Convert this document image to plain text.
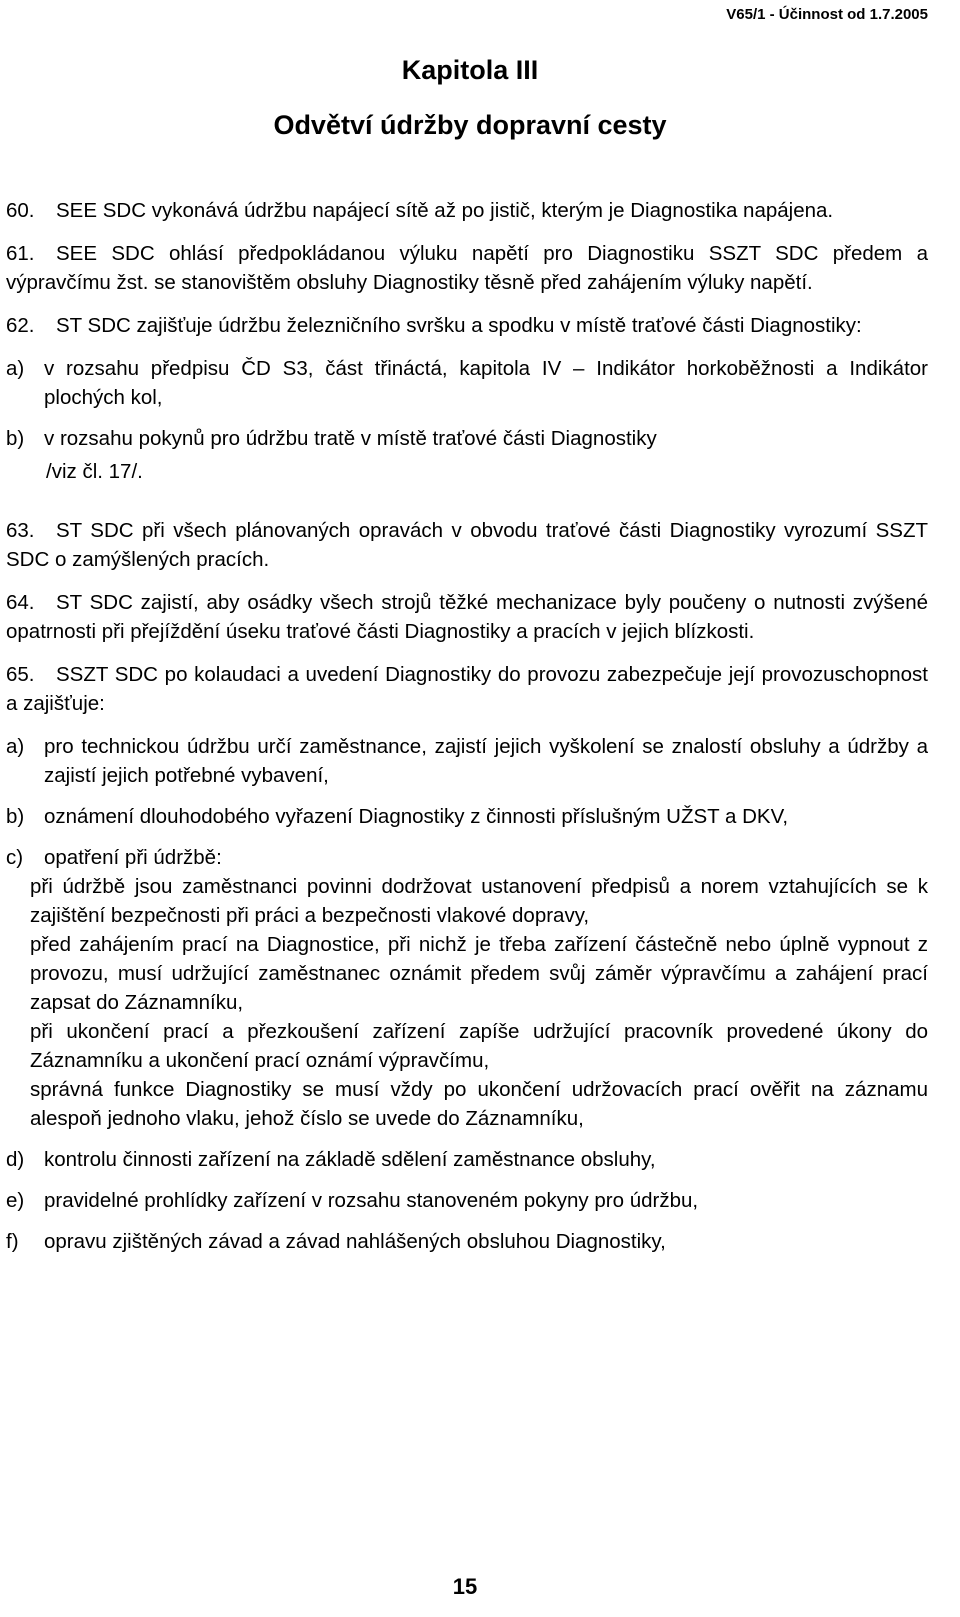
V65/1 - Účinnost od 1.7.2005
Kapitola III
Odvětví údržby dopravní cesty
60. SEE SDC vykonává údržbu napájecí sítě až po jistič, kterým je Diagnostika napájena.
61. SEE SDC ohlásí předpokládanou výluku napětí pro Diagnostiku SSZT SDC předem a výpravčímu žst. se stanovištěm obsluhy Diagnostiky těsně před zahájením výluky napětí.
62. ST SDC zajišťuje údržbu železničního svršku a spodku v místě traťové části Diagnostiky:
a) v rozsahu předpisu ČD S3, část třináctá, kapitola IV – Indikátor horkoběžnosti a Indikátor plochých kol,
b) v rozsahu pokynů pro údržbu tratě v místě traťové části Diagnostiky
/viz čl. 17/.
63. ST SDC při všech plánovaných opravách v obvodu traťové části Diagnostiky vyrozumí SSZT SDC o zamýšlených pracích.
64. ST SDC zajistí, aby osádky všech strojů těžké mechanizace byly poučeny o nutnosti zvýšené opatrnosti při přejíždění úseku traťové části Diagnostiky a pracích v jejich blízkosti.
65. SSZT SDC po kolaudaci a uvedení Diagnostiky do provozu zabezpečuje její provozuschopnost a zajišťuje:
a) pro technickou údržbu určí zaměstnance, zajistí jejich vyškolení se znalostí obsluhy a údržby a zajistí jejich potřebné vybavení,
b) oznámení dlouhodobého vyřazení Diagnostiky z činnosti příslušným UŽST a DKV,
c)	opatření při údržbě:

při údržbě jsou zaměstnanci povinni dodržovat ustanovení předpisů a norem vztahujících se k zajištění bezpečnosti při práci a bezpečnosti vlakové dopravy,

před zahájením prací na Diagnostice, při nichž je třeba zařízení částečně nebo úplně vypnout z provozu, musí udržující zaměstnanec oznámit předem svůj záměr výpravčímu a zahájení prací zapsat do Záznamníku,

při ukončení prací a přezkoušení zařízení zapíše udržující pracovník provedené úkony do Záznamníku a ukončení prací oznámí výpravčímu,

správná funkce Diagnostiky se musí vždy po ukončení udržovacích prací ověřit na záznamu alespoň jednoho vlaku, jehož číslo se uvede do Záznamníku,

d) kontrolu činnosti zařízení na základě sdělení zaměstnance obsluhy,
e) pravidelné prohlídky zařízení v rozsahu stanoveném pokyny pro údržbu,
f)	opravu zjištěných závad a závad nahlášených obsluhou Diagnostiky,
15
